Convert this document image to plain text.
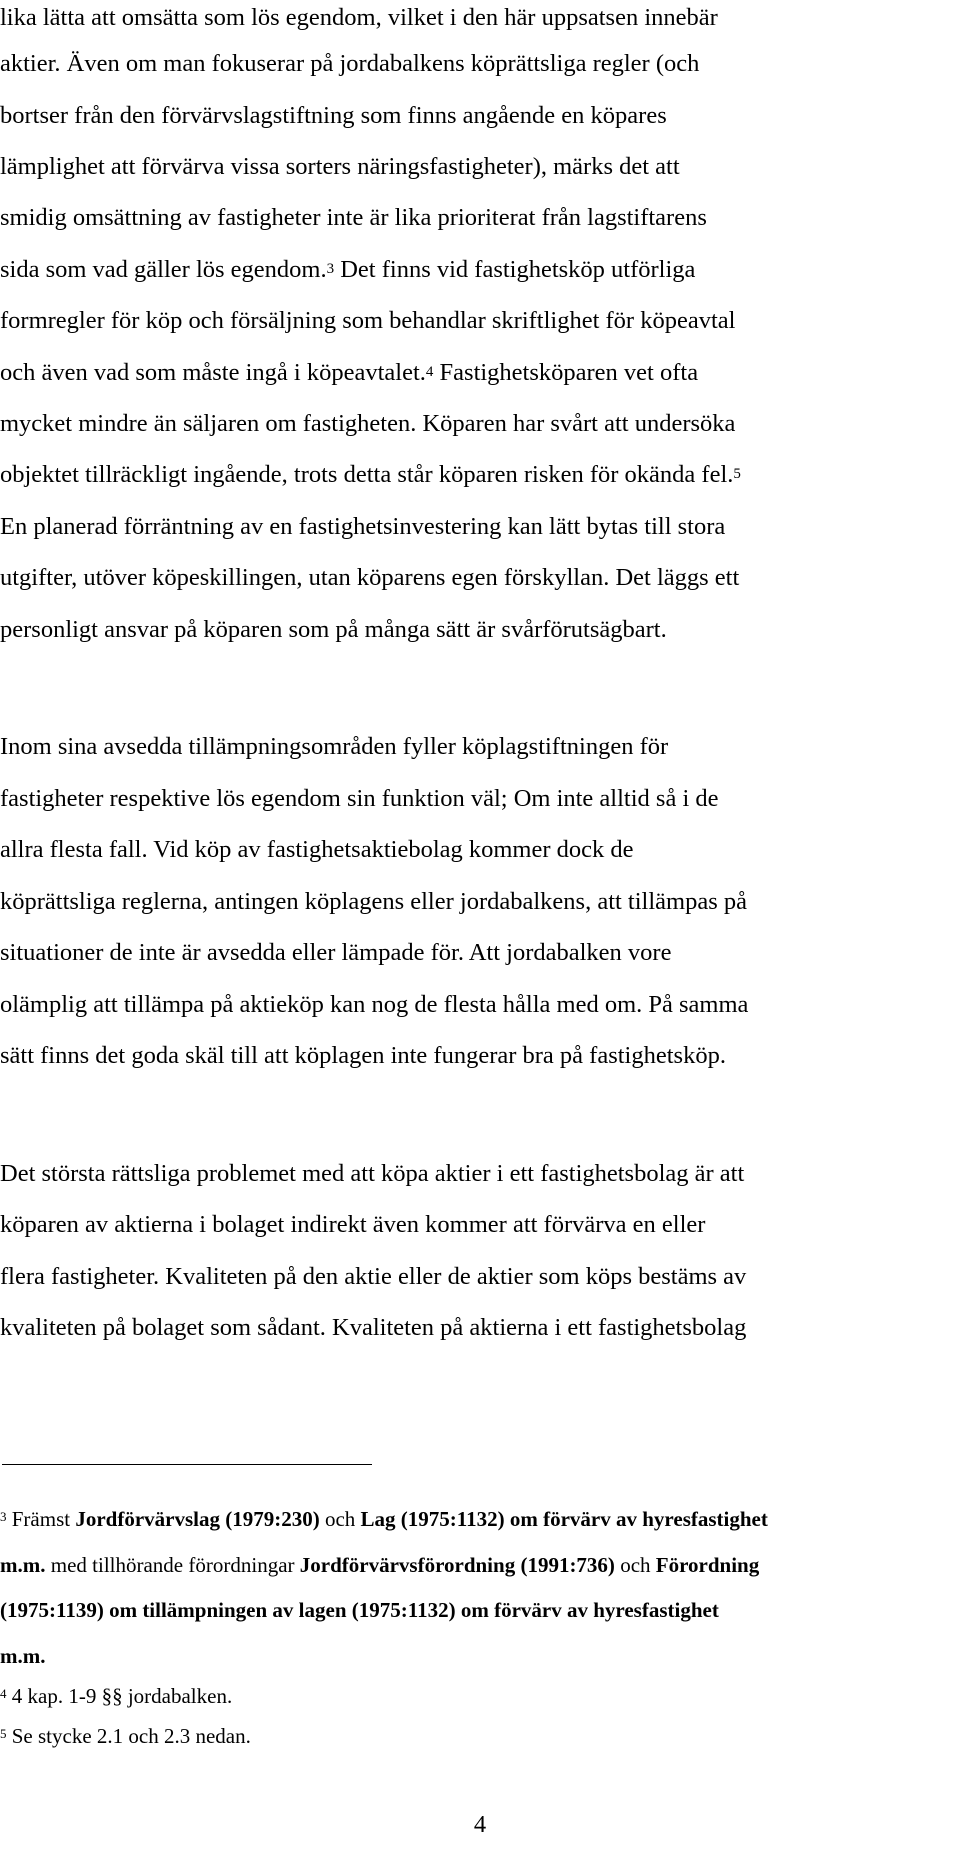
lika lätta att omsätta som lös egendom, vilket i den här uppsatsen innebär
aktier. Även om man fokuserar på jordabalkens köprättsliga regler (och
bortser från den förvärvslagstiftning som finns angående en köpares
lämplighet att förvärva vissa sorters näringsfastigheter), märks det att
smidig omsättning av fastigheter inte är lika prioriterat från lagstiftarens
sida som vad gäller lös egendom.$^3$ Det finns vid fastighetsköp utförliga
formregler för köp och försäljning som behandlar skriftlighet för köpeavtal
och även vad som måste ingå i köpeavtalet.$^4$ Fastighetsköparen vet ofta
mycket mindre än säljaren om fastigheten. Köparen har svårt att undersöka
objektet tillräckligt ingående, trots detta står köparen risken för okända fel.$^5$
En planerad förräntning av en fastighetsinvestering kan lätt bytas till stora
utgifter, utöver köpeskillingen, utan köparens egen förskyllan. Det läggs ett
personligt ansvar på köparen som på många sätt är svårförutsägbart.
Inom sina avsedda tillämpningsområden fyller köplagstiftningen för
fastigheter respektive lös egendom sin funktion väl; Om inte alltid så i de
allra flesta fall. Vid köp av fastighetsaktiebolag kommer dock de
köprättsliga reglerna, antingen köplagens eller jordabalkens, att tillämpas på
situationer de inte är avsedda eller lämpade för. Att jordabalken vore
olämplig att tillämpa på aktieköp kan nog de flesta hålla med om. På samma
sätt finns det goda skäl till att köplagen inte fungerar bra på fastighetsköp.
Det största rättsliga problemet med att köpa aktier i ett fastighetsbolag är att
köparen av aktierna i bolaget indirekt även kommer att förvärva en eller
flera fastigheter. Kvaliteten på den aktie eller de aktier som köps bestäms av
kvaliteten på bolaget som sådant. Kvaliteten på aktierna i ett fastighetsbolag
$^3$ Främst Jordförvärvslag (1979:230) och Lag (1975:1132) om förvärv av hyresfastighet
m.m. med tillhörande förordningar Jordförvärvsförordning (1991:736) och Förordning
(1975:1139) om tillämpningen av lagen (1975:1132) om förvärv av hyresfastighet
m.m.
$^4$ 4 kap. 1-9 §§ jordabalken.
$^5$ Se stycke 2.1 och 2.3 nedan.
4
